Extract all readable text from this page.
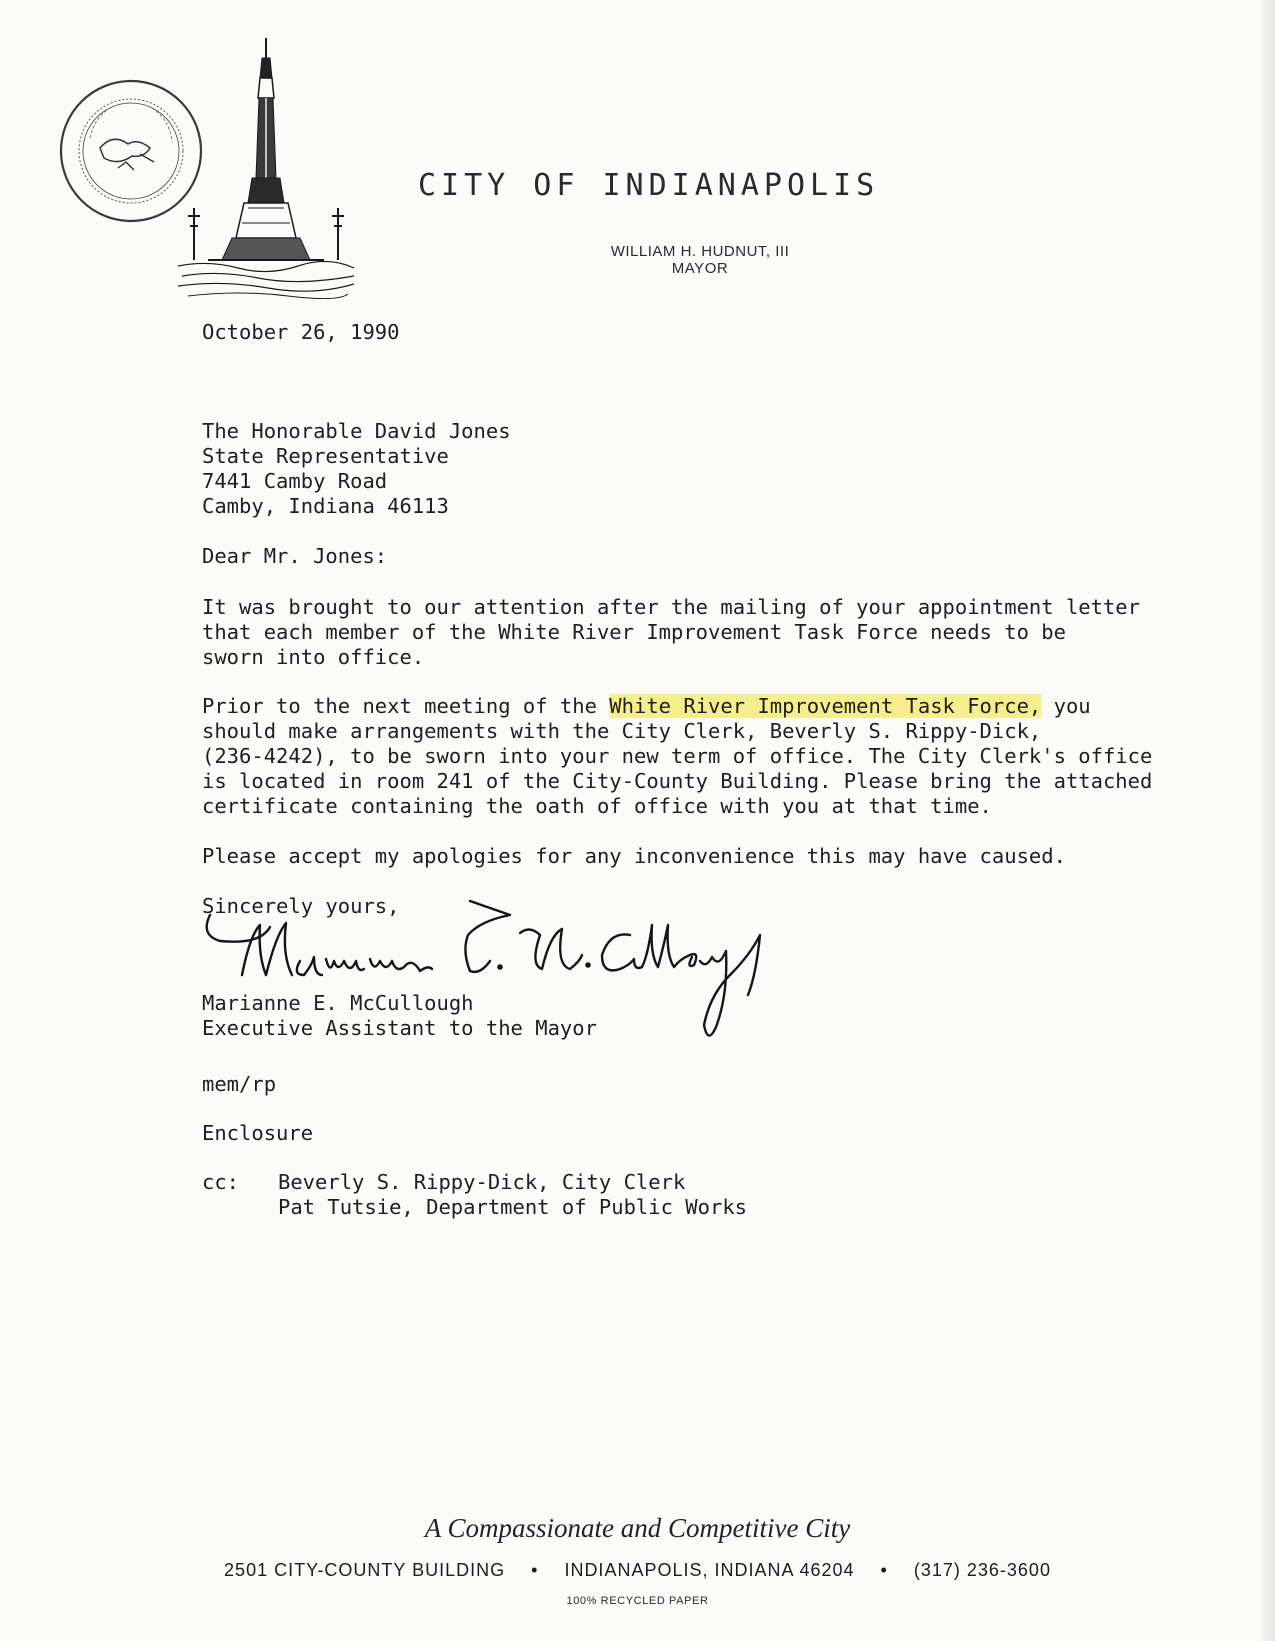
CITY OF INDIANAPOLIS
WILLIAM H. HUDNUT, III
MAYOR
October 26, 1990
The Honorable David Jones
State Representative
7441 Camby Road
Camby, Indiana 46113
Dear Mr. Jones:
It was brought to our attention after the mailing of your appointment letter
that each member of the White River Improvement Task Force needs to be
sworn into office.
Prior to the next meeting of the White River Improvement Task Force, you
should make arrangements with the City Clerk, Beverly S. Rippy-Dick,
(236-4242), to be sworn into your new term of office. The City Clerk's office
is located in room 241 of the City-County Building. Please bring the attached
certificate containing the oath of office with you at that time.
Please accept my apologies for any inconvenience this may have caused.
Sincerely yours,
Marianne E. McCullough
Executive Assistant to the Mayor
mem/rp
Enclosure
cc: Beverly S. Rippy-Dick, City Clerk
Pat Tutsie, Department of Public Works
A Compassionate and Competitive City
2501 CITY-COUNTY BUILDING • INDIANAPOLIS, INDIANA 46204 • (317) 236-3600
100% RECYCLED PAPER
